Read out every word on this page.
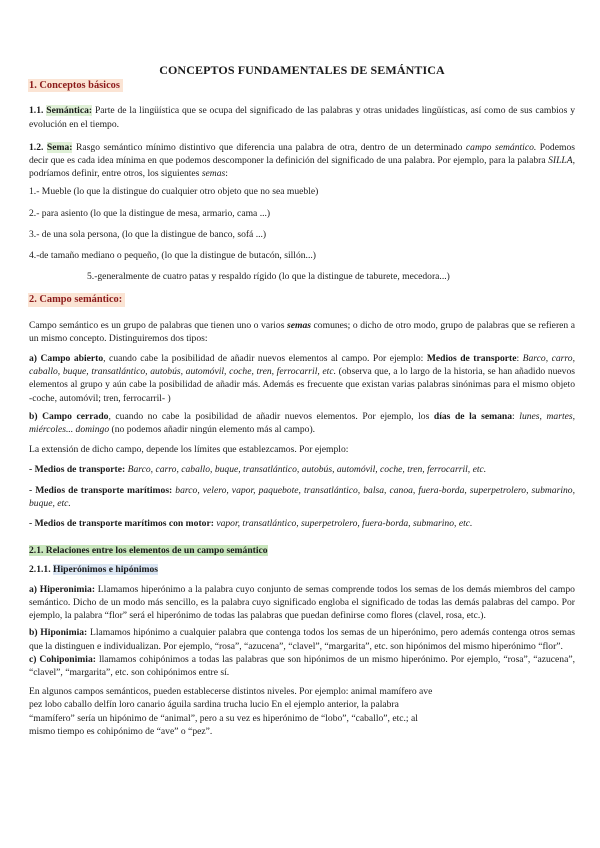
CONCEPTOS FUNDAMENTALES DE SEMÁNTICA

1. Conceptos básicos

1.1. Semántica: Parte de la lingüística que se ocupa del significado de las palabras y otras unidades lingüísticas, así como de sus cambios y evolución en el tiempo.

1.2. Sema: Rasgo semántico mínimo distintivo que diferencia una palabra de otra, dentro de un determinado campo semántico. Podemos decir que es cada idea mínima en que podemos descomponer la definición del significado de una palabra. Por ejemplo, para la palabra SILLA, podríamos definir, entre otros, los siguientes semas:

1.- Mueble (lo que la distingue do cualquier otro objeto que no sea mueble)

2.- para asiento (lo que la distingue de mesa, armario, cama ...)

3.- de una sola persona, (lo que la distingue de banco, sofá ...)

4.-de tamaño mediano o pequeño, (lo que la distingue de butacón, sillón...)

5.-generalmente de cuatro patas y respaldo rígido (lo que la distingue de taburete, mecedora...)

2. Campo semántico:

Campo semántico es un grupo de palabras que tienen uno o varios semas comunes; o dicho de otro modo, grupo de palabras que se refieren a un mismo concepto. Distinguiremos dos tipos:

a) Campo abierto, cuando cabe la posibilidad de añadir nuevos elementos al campo. Por ejemplo: Medios de transporte: Barco, carro, caballo, buque, transatlántico, autobús, automóvil, coche, tren, ferrocarril, etc. (observa que, a lo largo de la historia, se han añadido nuevos elementos al grupo y aún cabe la posibilidad de añadir más. Además es frecuente que existan varias palabras sinónimas para el mismo objeto -coche, automóvil; tren, ferrocarril- )

b) Campo cerrado, cuando no cabe la posibilidad de añadir nuevos elementos. Por ejemplo, los días de la semana: lunes, martes, miércoles... domingo (no podemos añadir ningún elemento más al campo).

La extensión de dicho campo, depende los límites que establezcamos. Por ejemplo:

- Medios de transporte: Barco, carro, caballo, buque, transatlántico, autobús, automóvil, coche, tren, ferrocarril, etc.

- Medios de transporte marítimos: barco, velero, vapor, paquebote, transatlántico, balsa, canoa, fuera-borda, superpetrolero, submarino, buque, etc.

- Medios de transporte marítimos con motor: vapor, transatlántico, superpetrolero, fuera-borda, submarino, etc.

2.1. Relaciones entre los elementos de un campo semántico

2.1.1. Hiperónimos e hipónimos

a) Hiperonimia: Llamamos hiperónimo a la palabra cuyo conjunto de semas comprende todos los semas de los demás miembros del campo semántico. Dicho de un modo más sencillo, es la palabra cuyo significado engloba el significado de todas las demás palabras del campo. Por ejemplo, la palabra “flor” será el hiperónimo de todas las palabras que puedan definirse como flores (clavel, rosa, etc.).

b) Hiponimia: Llamamos hipónimo a cualquier palabra que contenga todos los semas de un hiperónimo, pero además contenga otros semas que la distinguen e individualizan. Por ejemplo, “rosa”, “azucena”, “clavel”, “margarita”, etc. son hipónimos del mismo hiperónimo “flor”.

c) Cohiponimia: llamamos cohipónimos a todas las palabras que son hipónimos de un mismo hiperónimo. Por ejemplo, “rosa”, “azucena”, “clavel”, “margarita”, etc. son cohipónimos entre sí.

En algunos campos semánticos, pueden establecerse distintos niveles. Por ejemplo: animal mamífero ave

pez lobo caballo delfín loro canario águila sardina trucha lucio En el ejemplo anterior, la palabra

“mamífero” sería un hipónimo de “animal”, pero a su vez es hiperónimo de “lobo”, “caballo”, etc.; al

mismo tiempo es cohipónimo de “ave” o “pez”.
